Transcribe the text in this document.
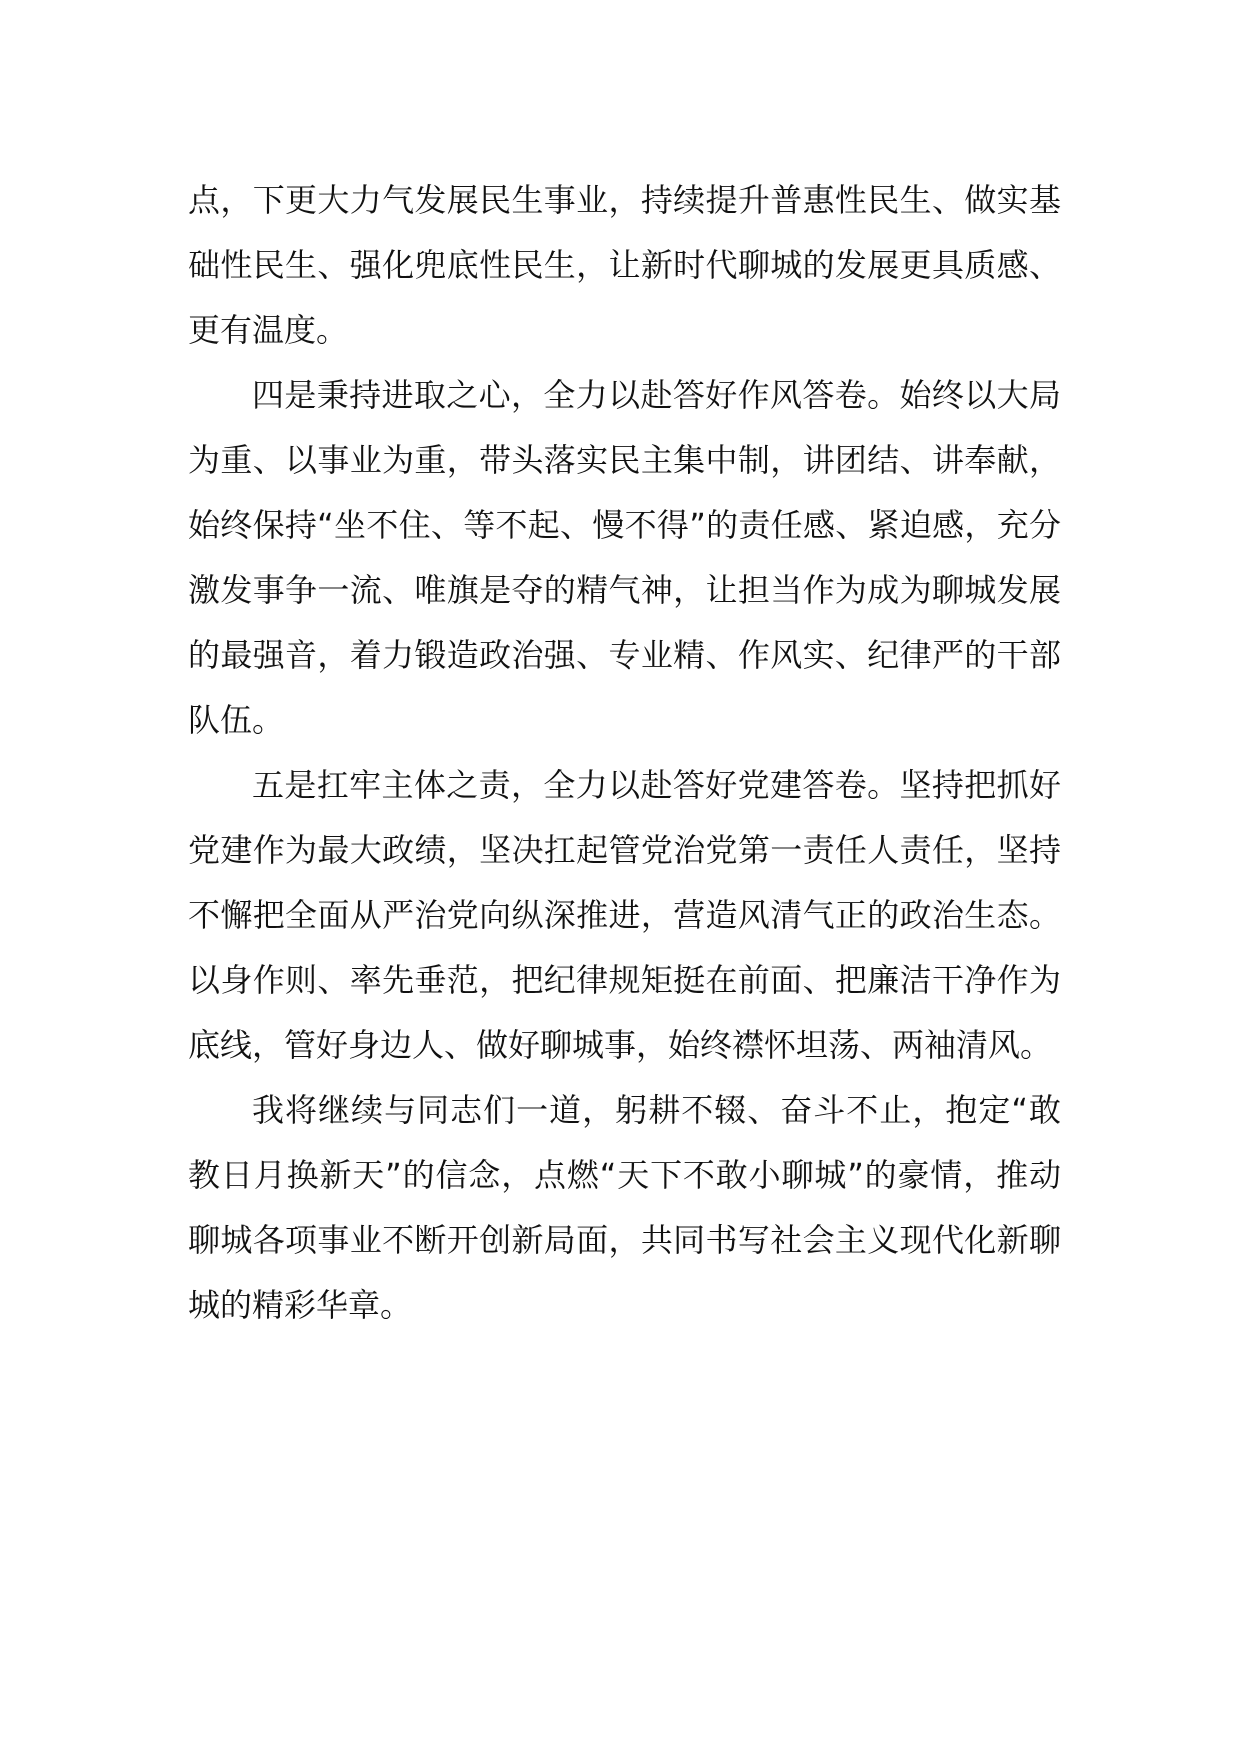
点，下更大力气发展民生事业，持续提升普惠性民生、做实基础性民生、强化兜底性民生，让新时代聊城的发展更具质感、更有温度。

四是秉持进取之心，全力以赴答好作风答卷。始终以大局为重、以事业为重，带头落实民主集中制，讲团结、讲奉献，始终保持“坐不住、等不起、慢不得”的责任感、紧迫感，充分激发事争一流、唯旗是夺的精气神，让担当作为成为聊城发展的最强音，着力锻造政治强、专业精、作风实、纪律严的干部队伍。

五是扛牢主体之责，全力以赴答好党建答卷。坚持把抓好党建作为最大政绩，坚决扛起管党治党第一责任人责任，坚持不懈把全面从严治党向纵深推进，营造风清气正的政治生态。以身作则、率先垂范，把纪律规矩挺在前面、把廉洁干净作为底线，管好身边人、做好聊城事，始终襟怀坦荡、两袖清风。

我将继续与同志们一道，躬耕不辍、奋斗不止，抱定“敢教日月换新天”的信念，点燃“天下不敢小聊城”的豪情，推动聊城各项事业不断开创新局面，共同书写社会主义现代化新聊城的精彩华章。
